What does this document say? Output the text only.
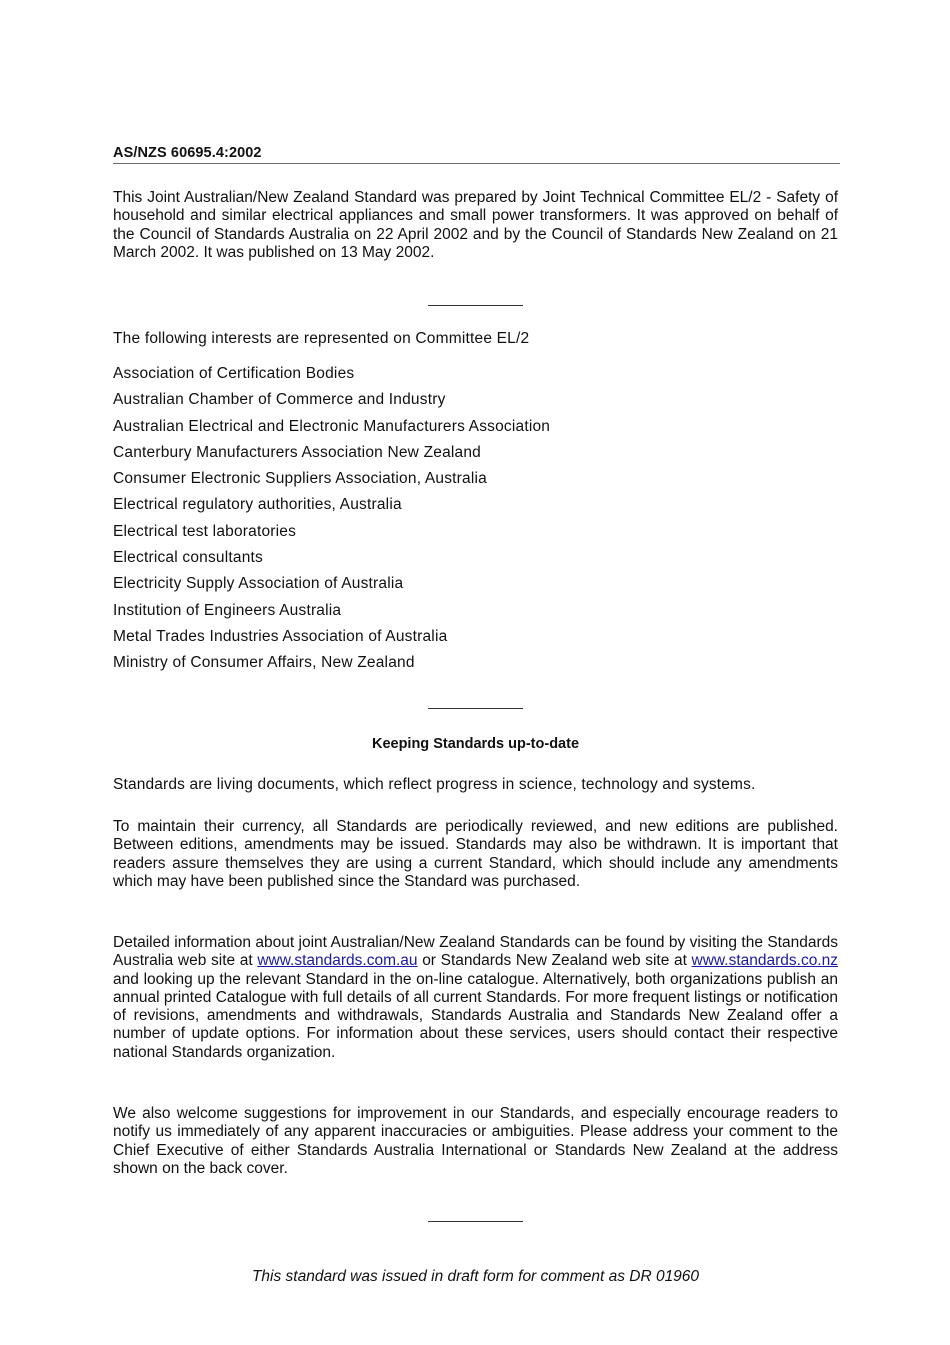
AS/NZS 60695.4:2002

This Joint Australian/New Zealand Standard was prepared by Joint Technical Committee EL/2 - Safety of household and similar electrical appliances and small power transformers. It was approved on behalf of the Council of Standards Australia on 22 April 2002 and by the Council of Standards New Zealand on 21 March 2002. It was published on 13 May 2002.

The following interests are represented on Committee EL/2
Association of Certification Bodies
Australian Chamber of Commerce and Industry
Australian Electrical and Electronic Manufacturers Association
Canterbury Manufacturers Association New Zealand
Consumer Electronic Suppliers Association, Australia
Electrical regulatory authorities, Australia
Electrical test laboratories
Electrical consultants
Electricity Supply Association of Australia
Institution of Engineers Australia
Metal Trades Industries Association of Australia
Ministry of Consumer Affairs, New Zealand
Keeping Standards up-to-date

Standards are living documents, which reflect progress in science, technology and systems.

To maintain their currency, all Standards are periodically reviewed, and new editions are published. Between editions, amendments may be issued. Standards may also be withdrawn. It is important that readers assure themselves they are using a current Standard, which should include any amendments which may have been published since the Standard was purchased.

Detailed information about joint Australian/New Zealand Standards can be found by visiting the Standards Australia web site at www.standards.com.au or Standards New Zealand web site at www.standards.co.nz and looking up the relevant Standard in the on-line catalogue. Alternatively, both organizations publish an annual printed Catalogue with full details of all current Standards. For more frequent listings or notification of revisions, amendments and withdrawals, Standards Australia and Standards New Zealand offer a number of update options. For information about these services, users should contact their respective national Standards organization.

We also welcome suggestions for improvement in our Standards, and especially encourage readers to notify us immediately of any apparent inaccuracies or ambiguities. Please address your comment to the Chief Executive of either Standards Australia International or Standards New Zealand at the address shown on the back cover.

This standard was issued in draft form for comment as DR 01960
